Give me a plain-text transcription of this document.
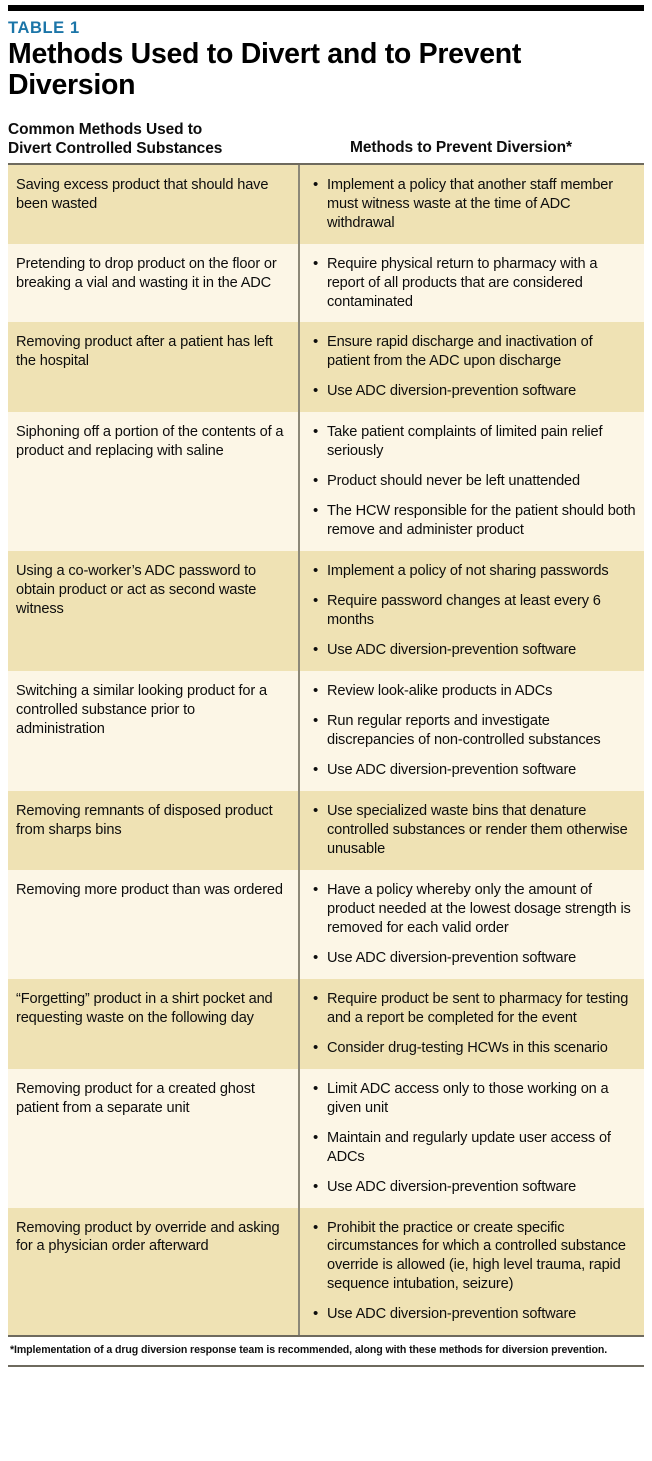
TABLE 1
Methods Used to Divert and to Prevent Diversion
Common Methods Used to
Divert Controlled Substances	Methods to Prevent Diversion*
Saving excess product that should have been wasted	
• Implement a policy that another staff member must witness waste at the time of ADC withdrawal

Pretending to drop product on the floor or breaking a vial and wasting it in the ADC	
• Require physical return to pharmacy with a report of all products that are considered contaminated

Removing product after a patient has left the hospital	
• Ensure rapid discharge and inactivation of patient from the ADC upon discharge
• Use ADC diversion-prevention software

Siphoning off a portion of the contents of a product and replacing with saline	
• Take patient complaints of limited pain relief seriously
• Product should never be left unattended
• The HCW responsible for the patient should both remove and administer product

Using a co-worker’s ADC password to obtain product or act as second waste witness	
• Implement a policy of not sharing passwords
• Require password changes at least every 6 months
• Use ADC diversion-prevention software

Switching a similar looking product for a controlled substance prior to administration	
• Review look-alike products in ADCs
• Run regular reports and investigate discrepancies of non-controlled substances
• Use ADC diversion-prevention software

Removing remnants of disposed product from sharps bins	
• Use specialized waste bins that denature controlled substances or render them otherwise unusable

Removing more product than was ordered	
•Have a policy whereby only the amount of product needed at the lowest dosage strength is removed for each valid order
• Use ADC diversion-prevention software

“Forgetting” product in a shirt pocket and requesting waste on the following day	
• Require product be sent to pharmacy for testing and a report be completed for the event
• Consider drug-testing HCWs in this scenario

Removing product for a created ghost patient from a separate unit	
• Limit ADC access only to those working on a given unit
• Maintain and regularly update user access of ADCs
• Use ADC diversion-prevention software

Removing product by override and asking for a physician order afterward	
• Prohibit the practice or create specific circumstances for which a controlled substance override is allowed (ie, high level trauma, rapid sequence intubation, seizure)
• Use ADC diversion-prevention software
*Implementation of a drug diversion response team is recommended, along with these methods for diversion prevention.
